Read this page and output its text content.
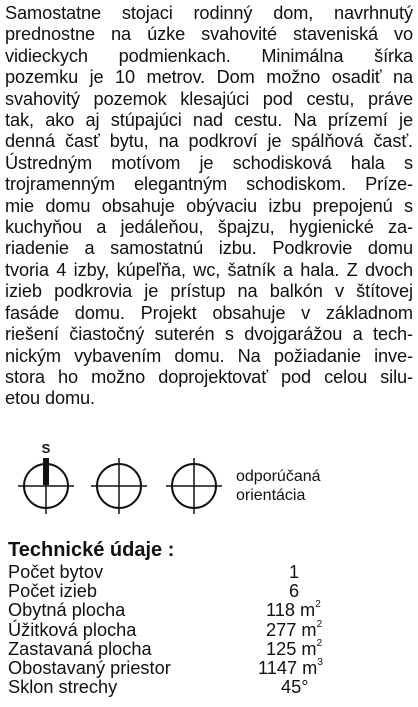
Samostatne stojaci rodinný dom, navrhnutý
prednostne na úzke svahovité staveniská vo
vidieckych podmienkach. Minimálna šírka
pozemku je 10 metrov. Dom možno osadiť na
svahovitý pozemok klesajúci pod cestu, práve
tak, ako aj stúpajúci nad cestu. Na prízemí je
denná časť bytu, na podkroví je spálňová časť.
Ústredným motívom je schodisková hala s
trojramenným elegantným schodiskom. Príze-
mie domu obsahuje obývaciu izbu prepojenú s
kuchyňou a jedáleňou, špajzu, hygienické za-
riadenie a samostatnú izbu. Podkrovie domu
tvoria 4 izby, kúpeľňa, wc, šatník a hala. Z dvoch
izieb podkrovia je prístup na balkón v štítovej
fasáde domu. Projekt obsahuje v základnom
riešení čiastočný suterén s dvojgarážou a tech-
nickým vybavením domu. Na požiadanie inve-
stora ho možno doprojektovať pod celou silu-
etou domu.
S
odporúčaná
orientácia
Technické údaje :
Počet bytov	1
Počet izieb	6
Obytná plocha	118 $m^2$
Úžitková plocha	277 $m^2$
Zastavaná plocha	125 $m^2$
Obostavaný priestor	1147 $m^3$
Sklon strechy	45°
